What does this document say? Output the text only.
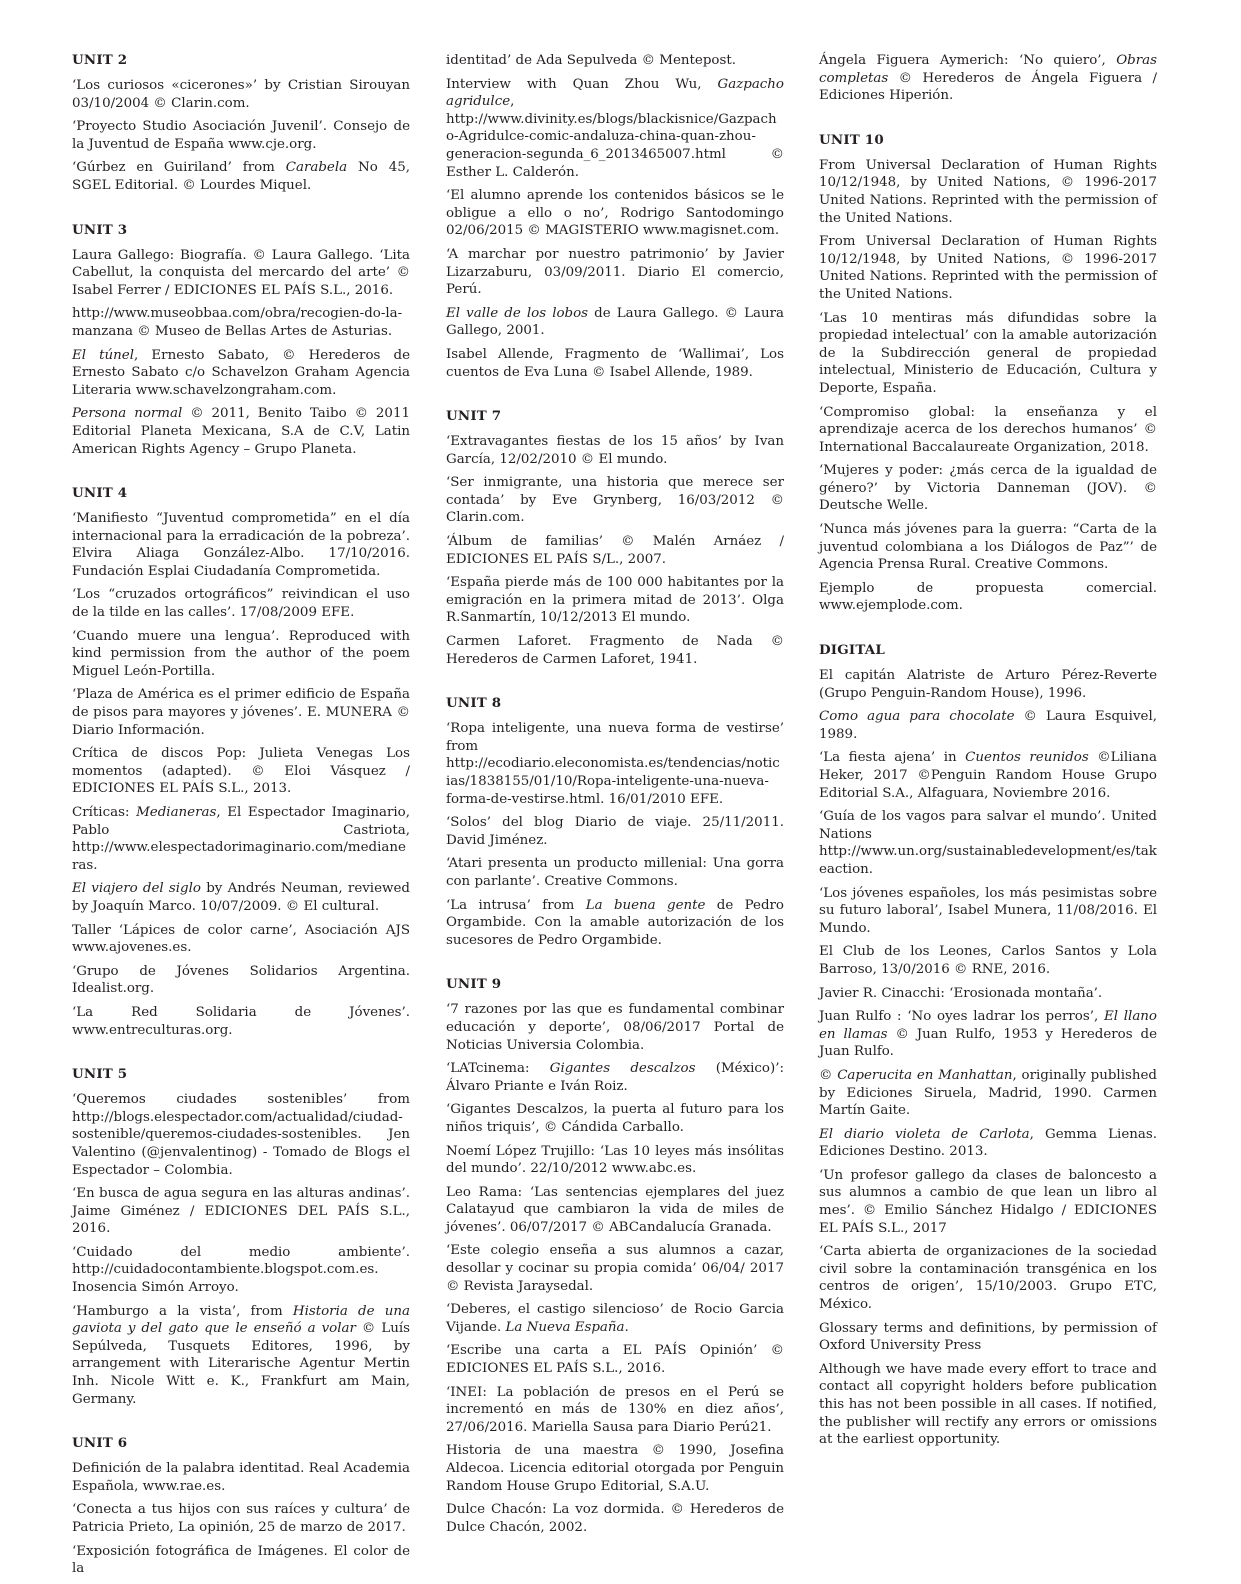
UNIT 2

‘Los curiosos «cicerones»’ by Cristian Sirouyan 03/10/2004 © Clarin.com.

‘Proyecto Studio Asociación Juvenil’. Consejo de la Juventud de España www.cje.org.

‘Gúrbez en Guiriland’ from Carabela No 45, SGEL Editorial. © Lourdes Miquel.

UNIT 3

Laura Gallego: Biografía. © Laura Gallego. ‘Lita Cabellut, la conquista del mercardo del arte’ © Isabel Ferrer / EDICIONES EL PAÍS S.L., 2016.

http://www.museobbaa.com/obra/recogien-do-la-manzana © Museo de Bellas Artes de Asturias.

El túnel, Ernesto Sabato, © Herederos de Ernesto Sabato c/o Schavelzon Graham Agencia Literaria www.schavelzongraham.com.

Persona normal © 2011, Benito Taibo © 2011 Editorial Planeta Mexicana, S.A de C.V, Latin American Rights Agency – Grupo Planeta.

UNIT 4

‘Manifiesto “Juventud comprometida” en el día internacional para la erradicación de la pobreza’. Elvira Aliaga González-Albo. 17/10/2016. Fundación Esplai Ciudadanía Comprometida.

‘Los “cruzados ortográficos” reivindican el uso de la tilde en las calles’. 17/08/2009 EFE.

‘Cuando muere una lengua’. Reproduced with kind permission from the author of the poem Miguel León-Portilla.

‘Plaza de América es el primer edificio de España de pisos para mayores y jóvenes’. E. MUNERA © Diario Información.

Crítica de discos Pop: Julieta Venegas Los momentos (adapted). © Eloi Vásquez / EDICIONES EL PAÍS S.L., 2013.

Críticas: Medianeras, El Espectador Imaginario, Pablo Castriota, http://www.elespectadorimaginario.com/medianeras.

El viajero del siglo by Andrés Neuman, reviewed by Joaquín Marco. 10/07/2009. © El cultural.

Taller ‘Lápices de color carne’, Asociación AJS www.ajovenes.es.

‘Grupo de Jóvenes Solidarios Argentina. Idealist.org.

‘La Red Solidaria de Jóvenes’. www.entreculturas.org.

UNIT 5

‘Queremos ciudades sostenibles’ from http://blogs.elespectador.com/actualidad/ciudad-sostenible/queremos-ciudades-sostenibles. Jen Valentino (@jenvalentinog) - Tomado de Blogs el Espectador – Colombia.

‘En busca de agua segura en las alturas andinas’. Jaime Giménez / EDICIONES DEL PAÍS S.L., 2016.

‘Cuidado del medio ambiente’. http://cuidadocontambiente.blogspot.com.es. Inosencia Simón Arroyo.

‘Hamburgo a la vista’, from Historia de una gaviota y del gato que le enseñó a volar © Luís Sepúlveda, Tusquets Editores, 1996, by arrangement with Literarische Agentur Mertin Inh. Nicole Witt e. K., Frankfurt am Main, Germany.

UNIT 6

Definición de la palabra identitad. Real Academia Española, www.rae.es.

‘Conecta a tus hijos con sus raíces y cultura’ de Patricia Prieto, La opinión, 25 de marzo de 2017.

‘Exposición fotográfica de Imágenes. El color de la

identitad’ de Ada Sepulveda © Mentepost.

Interview with Quan Zhou Wu, Gazpacho agridulce, http://www.divinity.es/blogs/blackisnice/Gazpacho-Agridulce-comic-andaluza-china-quan-zhou-generacion-segunda_6_2013465007.html © Esther L. Calderón.

‘El alumno aprende los contenidos básicos se le obligue a ello o no’, Rodrigo Santodomingo 02/06/2015 © MAGISTERIO www.magisnet.com.

‘A marchar por nuestro patrimonio’ by Javier Lizarzaburu, 03/09/2011. Diario El comercio, Perú.

El valle de los lobos de Laura Gallego. © Laura Gallego, 2001.

Isabel Allende, Fragmento de ‘Wallimai’, Los cuentos de Eva Luna © Isabel Allende, 1989.

UNIT 7

‘Extravagantes fiestas de los 15 años’ by Ivan García, 12/02/2010 © El mundo.

‘Ser inmigrante, una historia que merece ser contada’ by Eve Grynberg, 16/03/2012 © Clarin.com.

‘Álbum de familias’ © Malén Arnáez / EDICIONES EL PAÍS S/L., 2007.

‘España pierde más de 100 000 habitantes por la emigración en la primera mitad de 2013’. Olga R.Sanmartín, 10/12/2013 El mundo.

Carmen Laforet. Fragmento de Nada © Herederos de Carmen Laforet, 1941.

UNIT 8

‘Ropa inteligente, una nueva forma de vestirse’ from http://ecodiario.eleconomista.es/tendencias/noticias/1838155/01/10/Ropa-inteligente-una-nueva-forma-de-vestirse.html. 16/01/2010 EFE.

‘Solos’ del blog Diario de viaje. 25/11/2011. David Jiménez.

‘Atari presenta un producto millenial: Una gorra con parlante’. Creative Commons.

‘La intrusa’ from La buena gente de Pedro Orgambide. Con la amable autorización de los sucesores de Pedro Orgambide.

UNIT 9

‘7 razones por las que es fundamental combinar educación y deporte’, 08/06/2017 Portal de Noticias Universia Colombia.

‘LATcinema: Gigantes descalzos (México)’: Álvaro Priante e Iván Roiz.

‘Gigantes Descalzos, la puerta al futuro para los niños triquis’, © Cándida Carballo.

Noemí López Trujillo: ‘Las 10 leyes más insólitas del mundo’. 22/10/2012 www.abc.es.

Leo Rama: ‘Las sentencias ejemplares del juez Calatayud que cambiaron la vida de miles de jóvenes’. 06/07/2017 © ABCandalucía Granada.

‘Este colegio enseña a sus alumnos a cazar, desollar y cocinar su propia comida’ 06/04/ 2017 © Revista Jaraysedal.

‘Deberes, el castigo silencioso’ de Rocio Garcia Vijande. La Nueva España.

‘Escribe una carta a EL PAÍS Opinión’ © EDICIONES EL PAÍS S.L., 2016.

‘INEI: La población de presos en el Perú se incrementó en más de 130% en diez años’, 27/06/2016. Mariella Sausa para Diario Perú21.

Historia de una maestra © 1990, Josefina Aldecoa. Licencia editorial otorgada por Penguin Random House Grupo Editorial, S.A.U.

Dulce Chacón: La voz dormida. © Herederos de Dulce Chacón, 2002.

Ángela Figuera Aymerich: ‘No quiero’, Obras completas © Herederos de Ángela Figuera / Ediciones Hiperión.

UNIT 10

From Universal Declaration of Human Rights 10/12/1948, by United Nations, © 1996-2017 United Nations. Reprinted with the permission of the United Nations.

From Universal Declaration of Human Rights 10/12/1948, by United Nations, © 1996-2017 United Nations. Reprinted with the permission of the United Nations.

‘Las 10 mentiras más difundidas sobre la propiedad intelectual’ con la amable autorización de la Subdirección general de propiedad intelectual, Ministerio de Educación, Cultura y Deporte, España.

‘Compromiso global: la enseñanza y el aprendizaje acerca de los derechos humanos’ © International Baccalaureate Organization, 2018.

‘Mujeres y poder: ¿más cerca de la igualdad de género?’ by Victoria Danneman (JOV). © Deutsche Welle.

‘Nunca más jóvenes para la guerra: “Carta de la juventud colombiana a los Diálogos de Paz”’ de Agencia Prensa Rural. Creative Commons.

Ejemplo de propuesta comercial. www.ejemplode.com.

DIGITAL

El capitán Alatriste de Arturo Pérez-Reverte (Grupo Penguin-Random House), 1996.

Como agua para chocolate © Laura Esquivel, 1989.

‘La fiesta ajena’ in Cuentos reunidos ©Liliana Heker, 2017 ©Penguin Random House Grupo Editorial S.A., Alfaguara, Noviembre 2016.

‘Guía de los vagos para salvar el mundo’. United Nations http://www.un.org/sustainabledevelopment/es/takeaction.

‘Los jóvenes españoles, los más pesimistas sobre su futuro laboral’, Isabel Munera, 11/08/2016. El Mundo.

El Club de los Leones, Carlos Santos y Lola Barroso, 13/0/2016 © RNE, 2016.

Javier R. Cinacchi: ‘Erosionada montaña’.

Juan Rulfo : ‘No oyes ladrar los perros’, El llano en llamas © Juan Rulfo, 1953 y Herederos de Juan Rulfo.

© Caperucita en Manhattan, originally published by Ediciones Siruela, Madrid, 1990. Carmen Martín Gaite.

El diario violeta de Carlota, Gemma Lienas. Ediciones Destino. 2013.

‘Un profesor gallego da clases de baloncesto a sus alumnos a cambio de que lean un libro al mes’. © Emilio Sánchez Hidalgo / EDICIONES EL PAÍS S.L., 2017

‘Carta abierta de organizaciones de la sociedad civil sobre la contaminación transgénica en los centros de origen’, 15/10/2003. Grupo ETC, México.

Glossary terms and definitions, by permission of Oxford University Press

Although we have made every effort to trace and contact all copyright holders before publication this has not been possible in all cases. If notified, the publisher will rectify any errors or omissions at the earliest opportunity.
